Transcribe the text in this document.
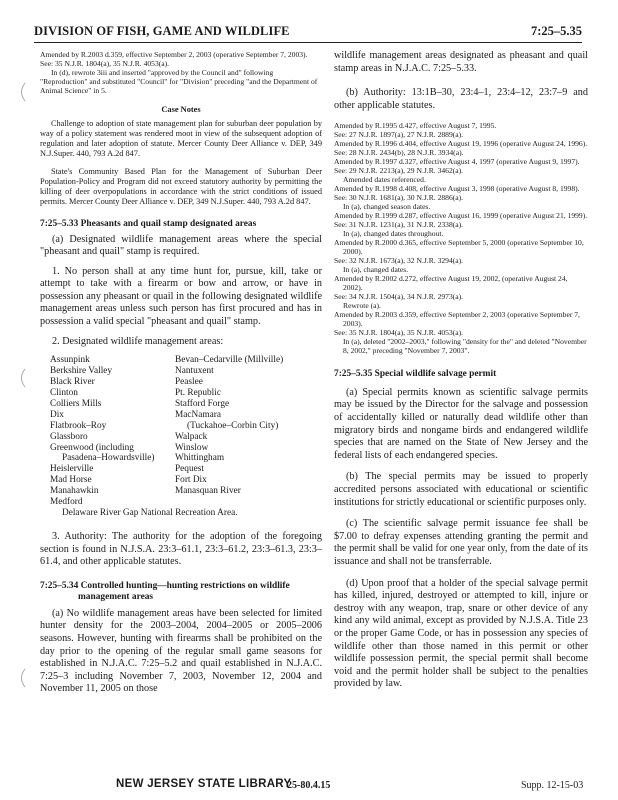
DIVISION OF FISH, GAME AND WILDLIFE	7:25–5.35

Amended by R.2003 d.359, effective September 2, 2003 (operative September 7, 2003).

See: 35 N.J.R. 1804(a), 35 N.J.R. 4053(a).

In (d), rewrote 3iii and inserted "approved by the Council and" following "Reproduction" and substituted "Council" for "Division" preceding "and the Department of Animal Science" in 5.

Case Notes

Challenge to adoption of state management plan for suburban deer population by way of a policy statement was rendered moot in view of the subsequent adoption of regulation and later adoption of statute. Mercer County Deer Alliance v. DEP, 349 N.J.Super. 440, 793 A.2d 847.

State's Community Based Plan for the Management of Suburban Deer Population-Policy and Program did not exceed statutory authority by permitting the killing of deer overpopulations in accordance with the strict conditions of issued permits. Mercer County Deer Alliance v. DEP, 349 N.J.Super. 440, 793 A.2d 847.

7:25–5.33 Pheasants and quail stamp designated areas

(a) Designated wildlife management areas where the special "pheasant and quail" stamp is required.

1. No person shall at any time hunt for, pursue, kill, take or attempt to take with a firearm or bow and arrow, or have in possession any pheasant or quail in the following designated wildlife management areas unless such person has first procured and has in possession a valid special "pheasant and quail" stamp.

2. Designated wildlife management areas:

Assunpink	Bevan–Cedarville (Millville)
Berkshire Valley	Nantuxent
Black River	Peaslee
Clinton	Pt. Republic
Colliers Mills	Stafford Forge
Dix	MacNamara
Flatbrook–Roy	(Tuckahoe–Corbin City)
Glassboro	Walpack
Greenwood (including	Winslow
Pasadena–Howardsville)	Whittingham
Heislerville	Pequest
Mad Horse	Fort Dix
Manahawkin	Manasquan River
Medford

Delaware River Gap National Recreation Area.

3. Authority: The authority for the adoption of the foregoing section is found in N.J.S.A. 23:3–61.1, 23:3–61.2, 23:3–61.3, 23:3–61.4, and other applicable statutes.

7:25–5.34 Controlled hunting—hunting restrictions on wildlife management areas

(a) No wildlife management areas have been selected for limited hunter density for the 2003–2004, 2004–2005 or 2005–2006 seasons. However, hunting with firearms shall be prohibited on the day prior to the opening of the regular small game seasons for established in N.J.A.C. 7:25–5.2 and quail established in N.J.A.C. 7:25–3 including November 7, 2003, November 12, 2004 and November 11, 2005 on those

wildlife management areas designated as pheasant and quail stamp areas in N.J.A.C. 7:25–5.33.

(b) Authority: 13:1B–30, 23:4–1, 23:4–12, 23:7–9 and other applicable statutes.

Amended by R.1995 d.427, effective August 7, 1995.

See: 27 N.J.R. 1897(a), 27 N.J.R. 2889(a).

Amended by R.1996 d.404, effective August 19, 1996 (operative August 24, 1996).

See: 28 N.J.R. 2434(b), 28 N.J.R. 3934(a).

Amended by R.1997 d.327, effective August 4, 1997 (operative August 9, 1997).

See: 29 N.J.R. 2213(a), 29 N.J.R. 3462(a).

Amended dates referenced.

Amended by R.1998 d.408, effective August 3, 1998 (operative August 8, 1998).

See: 30 N.J.R. 1681(a), 30 N.J.R. 2886(a).

In (a), changed season dates.

Amended by R.1999 d.287, effective August 16, 1999 (operative August 21, 1999).

See: 31 N.J.R. 1231(a), 31 N.J.R. 2338(a).

In (a), changed dates throughout.

Amended by R.2000 d.365, effective September 5, 2000 (operative September 10, 2000).

See: 32 N.J.R. 1673(a), 32 N.J.R. 3294(a).

In (a), changed dates.

Amended by R.2002 d.272, effective August 19, 2002, (operative August 24, 2002).

See: 34 N.J.R. 1504(a), 34 N.J.R. 2973(a).

Rewrote (a).

Amended by R.2003 d.359, effective September 2, 2003 (operative September 7, 2003).

See: 35 N.J.R. 1804(a), 35 N.J.R. 4053(a).

In (a), deleted "2002–2003," following "density for the" and deleted "November 8, 2002," preceding "November 7, 2003".

7:25–5.35 Special wildlife salvage permit

(a) Special permits known as scientific salvage permits may be issued by the Director for the salvage and possession of accidentally killed or naturally dead wildlife other than migratory birds and nongame birds and endangered wildlife species that are named on the State of New Jersey and the federal lists of each endangered species.

(b) The special permits may be issued to properly accredited persons associated with educational or scientific institutions for strictly educational or scientific purposes only.

(c) The scientific salvage permit issuance fee shall be $7.00 to defray expenses attending granting the permit and the permit shall be valid for one year only, from the date of its issuance and shall not be transferrable.

(d) Upon proof that a holder of the special salvage permit has killed, injured, destroyed or attempted to kill, injure or destroy with any weapon, trap, snare or other device of any kind any wild animal, except as provided by N.J.S.A. Title 23 or the proper Game Code, or has in possession any species of wildlife other than those named in this permit or other wildlife possession permit, the special permit shall become void and the permit holder shall be subject to the penalties provided by law.

NEW JERSEY STATE LIBRARY
25-80.4.15	Supp. 12-15-03
